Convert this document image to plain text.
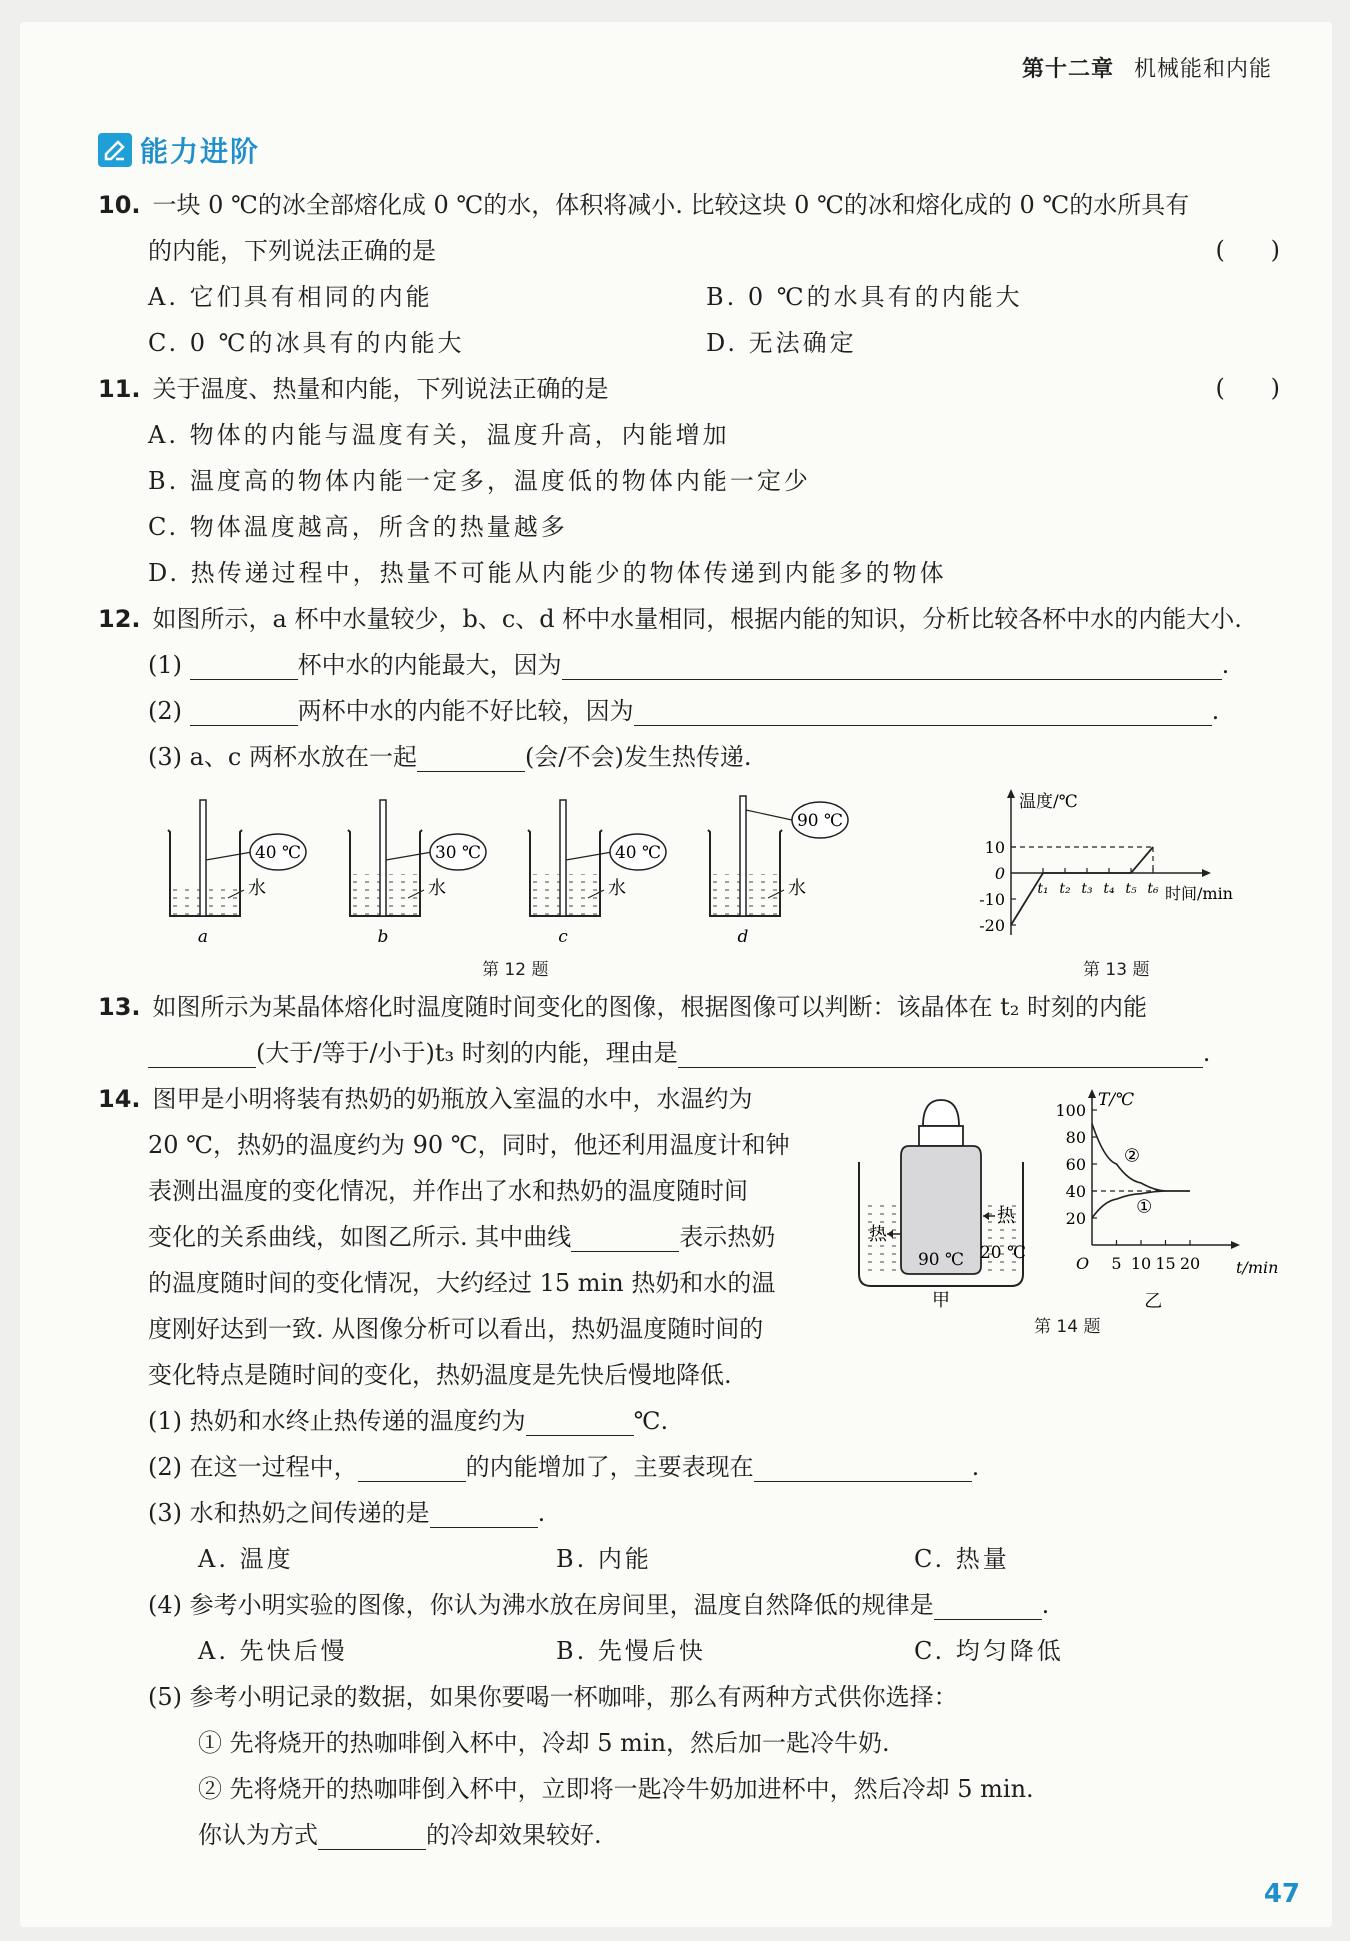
第十二章 机械能和内能
能力进阶
10. 一块 0 ℃的冰全部熔化成 0 ℃的水，体积将减小. 比较这块 0 ℃的冰和熔化成的 0 ℃的水所具有
的内能，下列说法正确的是	(      )
A. 它们具有相同的内能	B. 0 ℃的水具有的内能大
C. 0 ℃的冰具有的内能大	D. 无法确定
11. 关于温度、热量和内能，下列说法正确的是	(      )
A. 物体的内能与温度有关，温度升高，内能增加
B. 温度高的物体内能一定多，温度低的物体内能一定少
C. 物体温度越高，所含的热量越多
D. 热传递过程中，热量不可能从内能少的物体传递到内能多的物体
12. 如图所示，a 杯中水量较少，b、c、d 杯中水量相同，根据内能的知识，分析比较各杯中水的内能大小.
(1)	杯中水的内能最大，因为	.
(2)	两杯中水的内能不好比较，因为	.
(3) a、c 两杯水放在一起	(会/不会)发生热传递.
40 ℃
水
a
30 ℃
水
b
40 ℃
水
c
90 ℃
水
d
第 12 题
温度/℃
时间/min
0
10
-10
-20
t₁ t₂ t₃ t₄ t₅ t₆
第 13 题
13. 如图所示为某晶体熔化时温度随时间变化的图像，根据图像可以判断：该晶体在 t₂ 时刻的内能
(大于/等于/小于)t₃ 时刻的内能，理由是	.
14. 图甲是小明将装有热奶的奶瓶放入室温的水中，水温约为
20 ℃，热奶的温度约为 90 ℃，同时，他还利用温度计和钟
表测出温度的变化情况，并作出了水和热奶的温度随时间
变化的关系曲线，如图乙所示. 其中曲线	表示热奶
的温度随时间的变化情况，大约经过 15 min 热奶和水的温
度刚好达到一致. 从图像分析可以看出，热奶温度随时间的
变化特点是随时间的变化，热奶温度是先快后慢地降低.
90 ℃ 20 ℃
热
热
甲
T/℃
t/min
O
100
80
60
40
20
5 10 15 20
②
①
乙
第 14 题
(1) 热奶和水终止热传递的温度约为	℃.
(2) 在这一过程中，	的内能增加了，主要表现在	.
(3) 水和热奶之间传递的是	.
A. 温度	B. 内能	C. 热量
(4) 参考小明实验的图像，你认为沸水放在房间里，温度自然降低的规律是	.
A. 先快后慢	B. 先慢后快	C. 均匀降低
(5) 参考小明记录的数据，如果你要喝一杯咖啡，那么有两种方式供你选择：
① 先将烧开的热咖啡倒入杯中，冷却 5 min，然后加一匙冷牛奶.
② 先将烧开的热咖啡倒入杯中，立即将一匙冷牛奶加进杯中，然后冷却 5 min.
你认为方式	的冷却效果较好.
47
